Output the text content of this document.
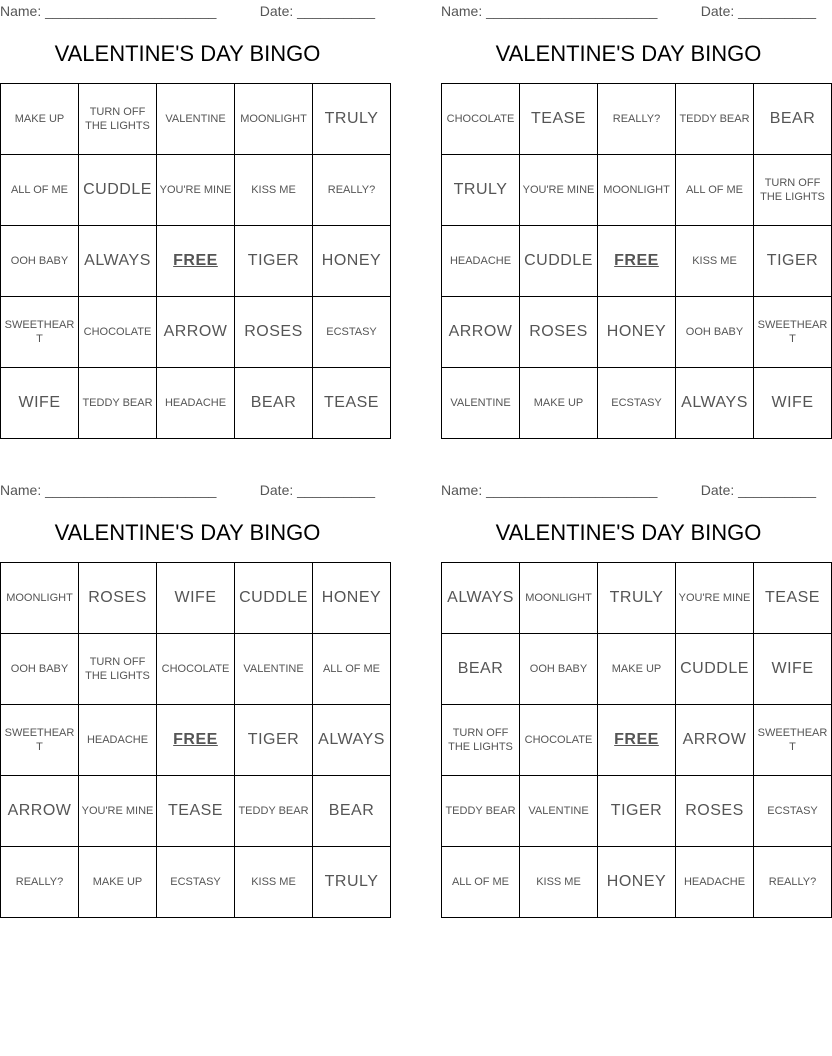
Name: ______________________	Date: __________
VALENTINE'S DAY BINGO
MAKE UP	TURN OFF THE LIGHTS	VALENTINE	MOONLIGHT	TRULY
ALL OF ME	CUDDLE	YOU'RE MINE	KISS ME	REALLY?
OOH BABY	ALWAYS	FREE	TIGER	HONEY
SWEETHEART	CHOCOLATE	ARROW	ROSES	ECSTASY
WIFE	TEDDY BEAR	HEADACHE	BEAR	TEASE
Name: ______________________	Date: __________
VALENTINE'S DAY BINGO
CHOCOLATE	TEASE	REALLY?	TEDDY BEAR	BEAR
TRULY	YOU'RE MINE	MOONLIGHT	ALL OF ME	TURN OFF THE LIGHTS
HEADACHE	CUDDLE	FREE	KISS ME	TIGER
ARROW	ROSES	HONEY	OOH BABY	SWEETHEART
VALENTINE	MAKE UP	ECSTASY	ALWAYS	WIFE
Name: ______________________	Date: __________
VALENTINE'S DAY BINGO
MOONLIGHT	ROSES	WIFE	CUDDLE	HONEY
OOH BABY	TURN OFF THE LIGHTS	CHOCOLATE	VALENTINE	ALL OF ME
SWEETHEART	HEADACHE	FREE	TIGER	ALWAYS
ARROW	YOU'RE MINE	TEASE	TEDDY BEAR	BEAR
REALLY?	MAKE UP	ECSTASY	KISS ME	TRULY
Name: ______________________	Date: __________
VALENTINE'S DAY BINGO
ALWAYS	MOONLIGHT	TRULY	YOU'RE MINE	TEASE
BEAR	OOH BABY	MAKE UP	CUDDLE	WIFE
TURN OFF THE LIGHTS	CHOCOLATE	FREE	ARROW	SWEETHEART
TEDDY BEAR	VALENTINE	TIGER	ROSES	ECSTASY
ALL OF ME	KISS ME	HONEY	HEADACHE	REALLY?
